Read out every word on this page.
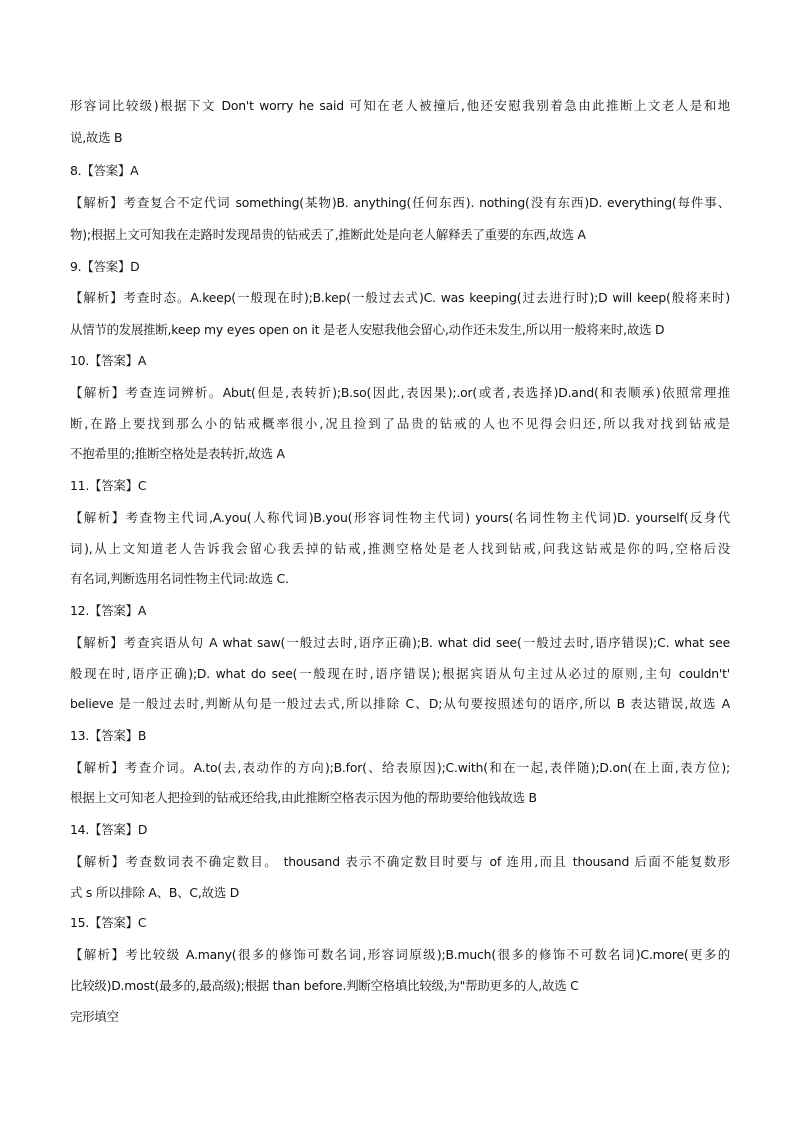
形容词比较级)根据下文 Don't worry he said 可知在老人被撞后,他还安慰我别着急由此推断上文老人是和地
说,故选 B
8.【答案】A
【解析】考查复合不定代词 something(某物)B. anything(任何东西). nothing(没有东西)D. everything(每件事、
物);根据上文可知我在走路时发现昂贵的钻戒丢了,推断此处是向老人解释丢了重要的东西,故选 A
9.【答案】D
【解析】考查时态。A.keep(一般现在时);B.kep(一般过去式)C. was keeping(过去进行时);D will keep(般将来时)
从情节的发展推断,keep my eyes open on it 是老人安慰我他会留心,动作还未发生,所以用一般将来时,故选 D
10.【答案】A
【解析】考查连词辨析。Abut(但是,表转折);B.so(因此,表因果);.or(或者,表选择)D.and(和表顺承)依照常理推
断,在路上要找到那么小的钻戒概率很小,况且捡到了品贵的钻戒的人也不见得会归还,所以我对找到钻戒是
不抱希里的;推断空格处是表转折,故选 A
11.【答案】C
【解析】考查物主代词,A.you(人称代词)B.you(形容词性物主代词) yours(名词性物主代词)D. yourself(反身代
词),从上文知道老人告诉我会留心我丢掉的钻戒,推测空格处是老人找到钻戒,问我这钻戒是你的吗,空格后没
有名词,判断选用名词性物主代词:故选 C.
12.【答案】A
【解析】考查宾语从句 A what saw(一般过去时,语序正确);B. what did see(一般过去时,语序错误);C. what see
般现在时,语序正确);D. what do see(一般现在时,语序错误);根据宾语从句主过从必过的原则,主句 couldn't'
believe 是一般过去时,判断从句是一般过去式,所以排除 C、D;从句要按照述句的语序,所以 B 表达错误,故选 A
13.【答案】B
【解析】考查介词。A.to(去,表动作的方向);B.for(、给表原因);C.with(和在一起,表伴随);D.on(在上面,表方位);
根据上文可知老人把捡到的钻戒还给我,由此推断空格表示因为他的帮助要给他钱故选 B
14.【答案】D
【解析】考查数词表不确定数目。 thousand 表示不确定数目时要与 of 连用,而且 thousand 后面不能复数形
式 s 所以排除 A、B、C,故选 D
15.【答案】C
【解析】考比较级 A.many(很多的修饰可数名词,形容词原级);B.much(很多的修饰不可数名词)C.more(更多的
比较级)D.most(最多的,最高级);根据 than before.判断空格填比较级,为"帮助更多的人,故选 C
完形填空
